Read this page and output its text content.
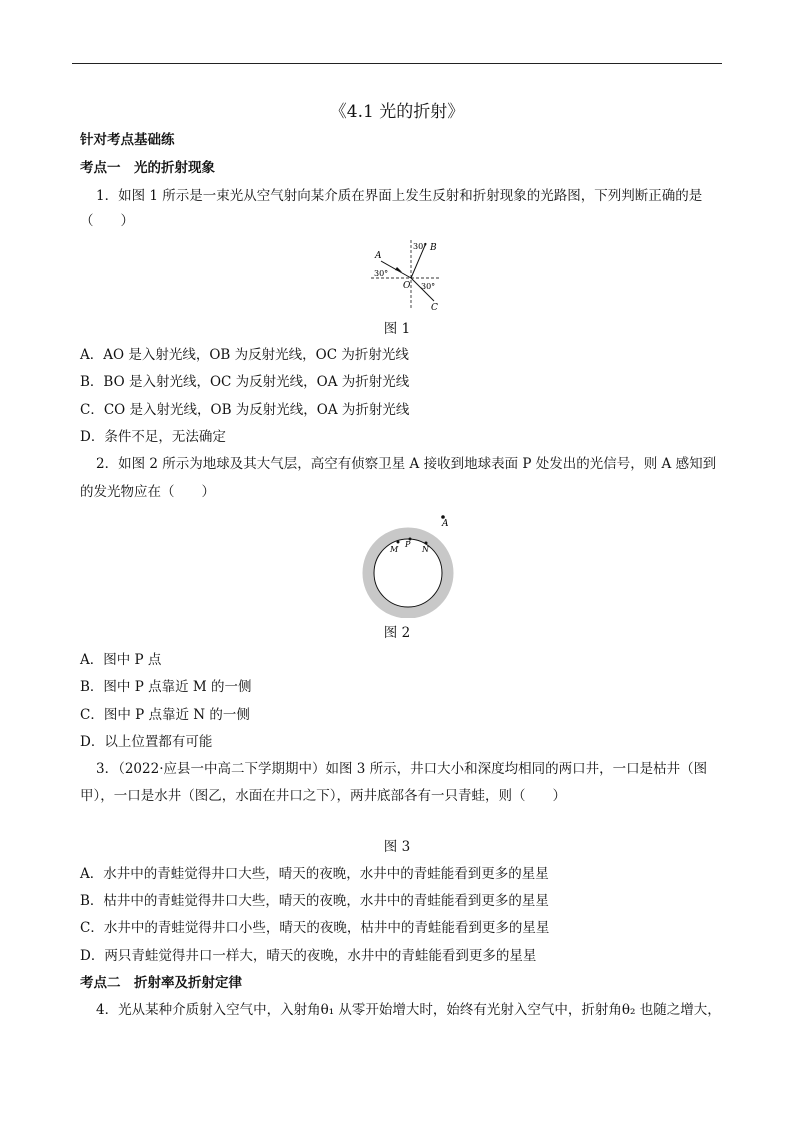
《4.1 光的折射》
针对考点基础练
考点一　光的折射现象
1．如图 1 所示是一束光从空气射向某介质在界面上发生反射和折射现象的光路图，下列判断正确的是
（　　）
A
B
C
O
30°
30°
30°
图 1
A．AO 是入射光线，OB 为反射光线，OC 为折射光线
B．BO 是入射光线，OC 为反射光线，OA 为折射光线
C．CO 是入射光线，OB 为反射光线，OA 为折射光线
D．条件不足，无法确定
2．如图 2 所示为地球及其大气层，高空有侦察卫星 A 接收到地球表面 P 处发出的光信号，则 A 感知到
的发光物应在（　　）
A
M
P
N
图 2
A．图中 P 点
B．图中 P 点靠近 M 的一侧
C．图中 P 点靠近 N 的一侧
D．以上位置都有可能
3．（2022·应县一中高二下学期期中）如图 3 所示，井口大小和深度均相同的两口井，一口是枯井（图
甲），一口是水井（图乙，水面在井口之下），两井底部各有一只青蛙，则（　　）
图 3
A．水井中的青蛙觉得井口大些，晴天的夜晚，水井中的青蛙能看到更多的星星
B．枯井中的青蛙觉得井口大些，晴天的夜晚，水井中的青蛙能看到更多的星星
C．水井中的青蛙觉得井口小些，晴天的夜晚，枯井中的青蛙能看到更多的星星
D．两只青蛙觉得井口一样大，晴天的夜晚，水井中的青蛙能看到更多的星星
考点二　折射率及折射定律
4．光从某种介质射入空气中，入射角θ₁ 从零开始增大时，始终有光射入空气中，折射角θ₂ 也随之增大，
